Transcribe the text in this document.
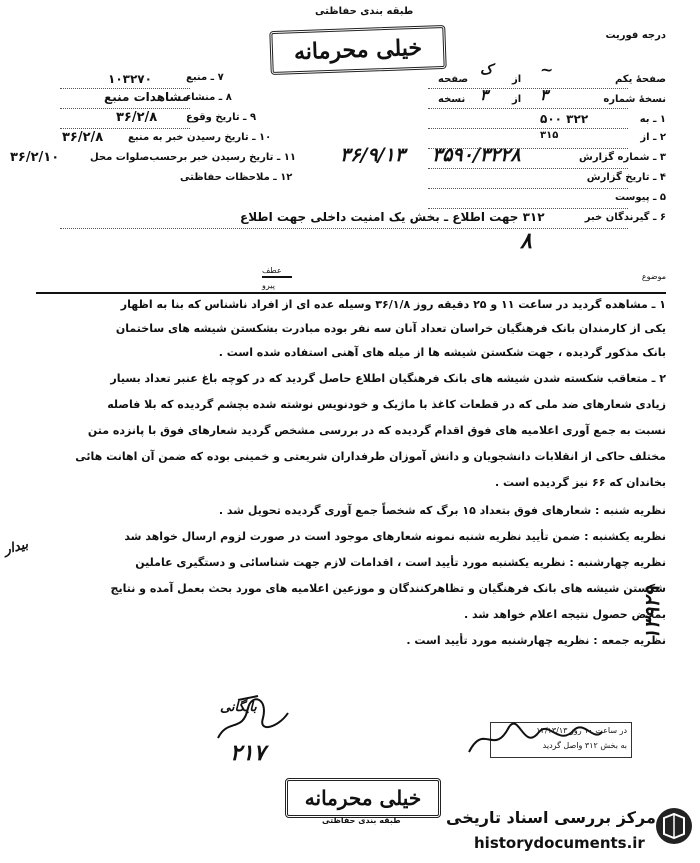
طبقه بندی حفاظتی
درجه فوریت
خیلی محرمانه
۷ ـ منبع
۱۰۳۲۷۰
۸ ـ منشاء
مشاهدات منبع
۹ ـ تاریخ وقوع
۳۶/۲/۸
۱۰ ـ تاریخ رسیدن خبر به منبع
۳۶/۲/۸
۱۱ ـ تاریخ رسیدن خبر برحسب‌صلوات محل
۳۶/۲/۱۰
۱۲ ـ ملاحظات حفاظتی
صفحهٔ یکم
از
صفحه
~
ک
نسخهٔ شماره
از
نسخه	۳
۳
۱ ـ به
۳۲۲ ۵۰۰
۲ ـ از
۳۱۵
۳ ـ شماره گزارش
۳۵۹۰/۳۲۲۸
۴ ـ تاریخ گزارش
۳۶/۹/۱۳
۵ ـ پیوست
۶ ـ گیرندگان خبر
۳۱۲ جهت اطلاع ـ بخش یک امنیت داخلی جهت اطلاع
۸
عطف
پیرو
موضوع
۱ ـ مشاهده گردید در ساعت ۱۱ و ۲۵ دقیقه روز ۳۶/۱/۸ وسیله عده ای از افراد ناشناس که بنا به اظهار
یکی از کارمندان بانک فرهنگیان خراسان تعداد آنان سه نفر بوده مبادرت بشکستن شیشه های ساختمان
بانک مذکور گردیده ، جهت شکستن شیشه ها از میله های آهنی استفاده شده است .
۲ ـ متعاقب شکسته شدن شیشه های بانک فرهنگیان اطلاع حاصل گردید که در کوچه باغ عنبر تعداد بسیار
زیادی شعارهای ضد ملی که در قطعات کاغذ با ماژیک و خودنویس نوشته شده بچشم گردیده که بلا فاصله
نسبت به جمع آوری اعلامیه های فوق اقدام گردیده که در بررسی مشخص گردید شعارهای فوق با پانزده متن
مختلف حاکی از انقلابات دانشجویان و دانش آموزان طرفداران شریعتی و خمینی بوده که ضمن آن اهانت هائی
بخاندان که ۶۶ نیز گردیده است .
نظریه شنبه : شعارهای فوق بتعداد ۱۵ برگ که شخصاً جمع آوری گردیده تحویل شد .
نظریه یکشنبه : ضمن تأیید نظریه شنبه نمونه شعارهای موجود است در صورت لزوم ارسال خواهد شد
نظریه چهارشنبه : نظریه یکشنبه مورد تأیید است ، اقدامات لازم جهت شناسائی و دستگیری عاملین
شکستن شیشه های بانک فرهنگیان و تظاهرکنندگان و موزعین اعلامیه های مورد بحث بعمل آمده و نتایج
بمحض حصول نتیجه اعلام خواهد شد .
نظریه جمعه : نظریه چهارشنبه مورد تأیید است .
بیدار
۱۳۹۲۹
در ساعت ۱۰ روز ۱۳/۱۳/۱۳
به بخش ۳۱۲ واصل گردید
بایگانی
۲۱۷
خیلی محرمانه
طبقه بندی حفاظتی	مرکز بررسی اسناد تاریخی
historydocuments.ir
